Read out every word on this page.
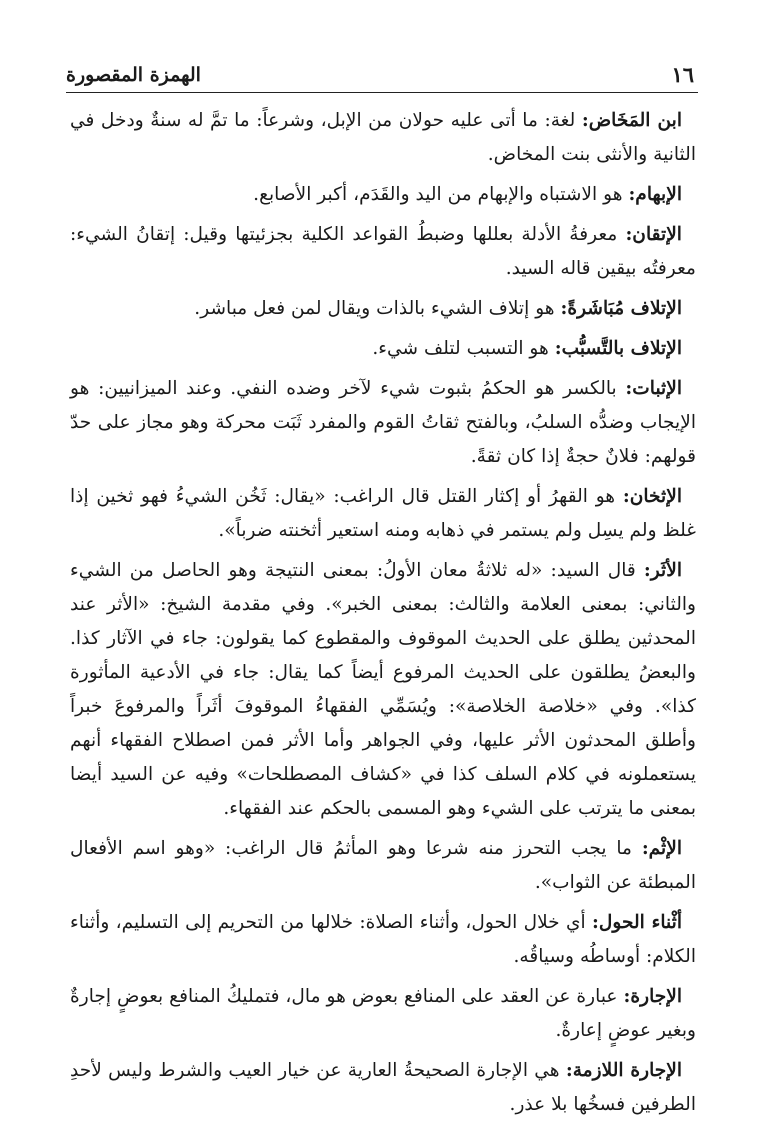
١٦
الهمزة المقصورة

ابن المَخَاض: لغة: ما أتى عليه حولان من الإبل، وشرعاً: ما تمَّ له سنةٌ ودخل في الثانية والأنثى بنت المخاض.

الإبهام: هو الاشتباه والإبهام من اليد والقَدَم، أكبر الأصابع.

الإتقان: معرفةُ الأدلة بعللها وضبطُ القواعد الكلية بجزئيتها وقيل: إتقانُ الشيء: معرفتُه بيقين قاله السيد.

الإتلاف مُبَاشَرةً: هو إتلاف الشيء بالذات ويقال لمن فعل مباشر.

الإتلاف بالتَّسبُّب: هو التسبب لتلف شيء.

الإثبات: بالكسر هو الحكمُ بثبوت شيء لآخر وضده النفي. وعند الميزانيين: هو الإيجاب وضدُّه السلبُ، وبالفتح ثقاتُ القوم والمفرد ثَبَت محركة وهو مجاز على حدّ قولهم: فلانٌ حجةٌ إذا كان ثقةً.

الإثخان: هو القهرُ أو إكثار القتل قال الراغب: «يقال: ثَخُن الشيءُ فهو ثخين إذا غلظ ولم يسِل ولم يستمر في ذهابه ومنه استعير أثخنته ضرباً».

الأثَر: قال السيد: «له ثلاثةُ معان الأولُ: بمعنى النتيجة وهو الحاصل من الشيء والثاني: بمعنى العلامة والثالث: بمعنى الخبر». وفي مقدمة الشيخ: «الأثر عند المحدثين يطلق على الحديث الموقوف والمقطوع كما يقولون: جاء في الآثار كذا. والبعضُ يطلقون على الحديث المرفوع أيضاً كما يقال: جاء في الأدعية المأثورة كذا». وفي «خلاصة الخلاصة»: ويُسَمِّي الفقهاءُ الموقوفَ أثَراً والمرفوعَ خبراً وأطلق المحدثون الأثر عليها، وفي الجواهر وأما الأثر فمن اصطلاح الفقهاء أنهم يستعملونه في كلام السلف كذا في «كشاف المصطلحات» وفيه عن السيد أيضا بمعنى ما يترتب على الشيء وهو المسمى بالحكم عند الفقهاء.

الإثْم: ما يجب التحرز منه شرعا وهو المأثمُ قال الراغب: «وهو اسم الأفعال المبطئة عن الثواب».

أثْناء الحول: أي خلال الحول، وأثناء الصلاة: خلالها من التحريم إلى التسليم، وأثناء الكلام: أوساطُه وسياقُه.

الإجارة: عبارة عن العقد على المنافع بعوض هو مال، فتمليكُ المنافع بعوضٍ إجارةٌ وبغير عوضٍ إعارةٌ.

الإجارة اللازمة: هي الإجارة الصحيحةُ العارية عن خيار العيب والشرط وليس لأحدِ الطرفين فسخُها بلا عذر.
